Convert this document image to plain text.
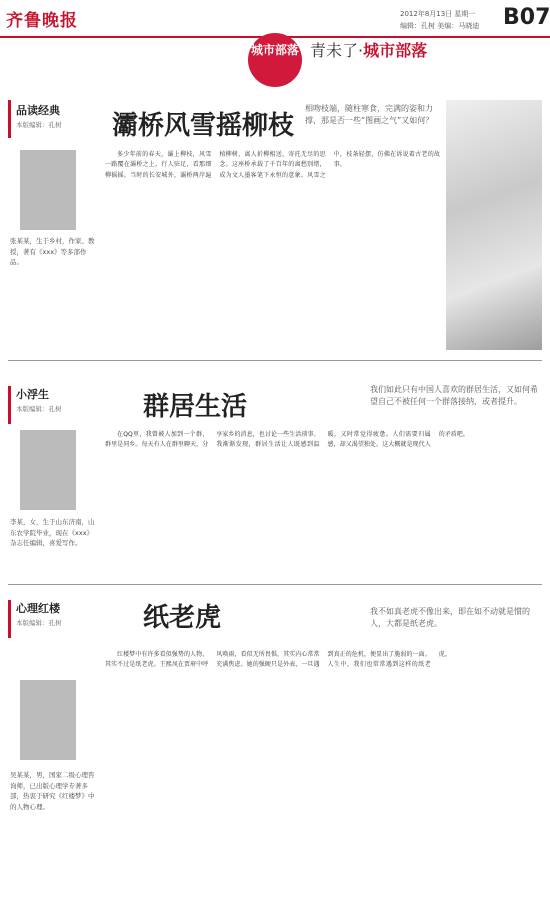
齐鲁晚报	2012年8月13日 星期一
编辑：孔树 美编：马晓迪 B07
城市部落 青未了·城市部落
品读经典
本版编辑：孔树
张某某，生于乡村，作家、教授，著有《xxx》等多部作品。
灞桥风雪摇柳枝
相吻枝端，随柱寒食，完满的姿和力撑，那是否一些“图画之气”又如何？

多少年前的春天，灞上柳枝，风雪一路覆在灞桥之上，行人驻足，看那细柳摇摇。当时的长安城外，灞桥两岸遍植柳树，离人折柳相送，寄托无尽的思念。这座桥承载了千百年的离愁别绪，成为文人墨客笔下永恒的意象。风雪之中，枝条轻摆，仿佛在诉说着古老的故事。

小浮生
本版编辑：孔树
李某，女，生于山东济南，山东农学院毕业，现在《xxx》杂志任编辑，喜爱写作。
群居生活
我们如此只有中国人喜欢的群居生活，又如何希望自己不被任何一个群落接纳，或者提升。

在QQ里，我曾被人加到一个群，群里是同乡。每天有人在群里聊天，分享家乡的消息，也讨论一些生活琐事。我渐渐发现，群居生活让人既感到温暖，又时常觉得疲惫。人们需要归属感，却又渴望独处。这大概就是现代人的矛盾吧。

心理红楼
本版编辑：孔树
吴某某，男，国家二级心理咨询师，已出版心理学专著多部，热衷于研究《红楼梦》中的人物心理。
纸老虎	我不如真老虎不像出来，即在如不动就是惯的人，大都是纸老虎。

红楼梦中有许多看似强势的人物，其实不过是纸老虎。王熙凤在贾府中呼风唤雨，看似无所畏惧，其实内心常常充满焦虑。她的强硬只是外表，一旦遇到真正的危机，便显出了脆弱的一面。人生中，我们也常常遇到这样的纸老虎。
